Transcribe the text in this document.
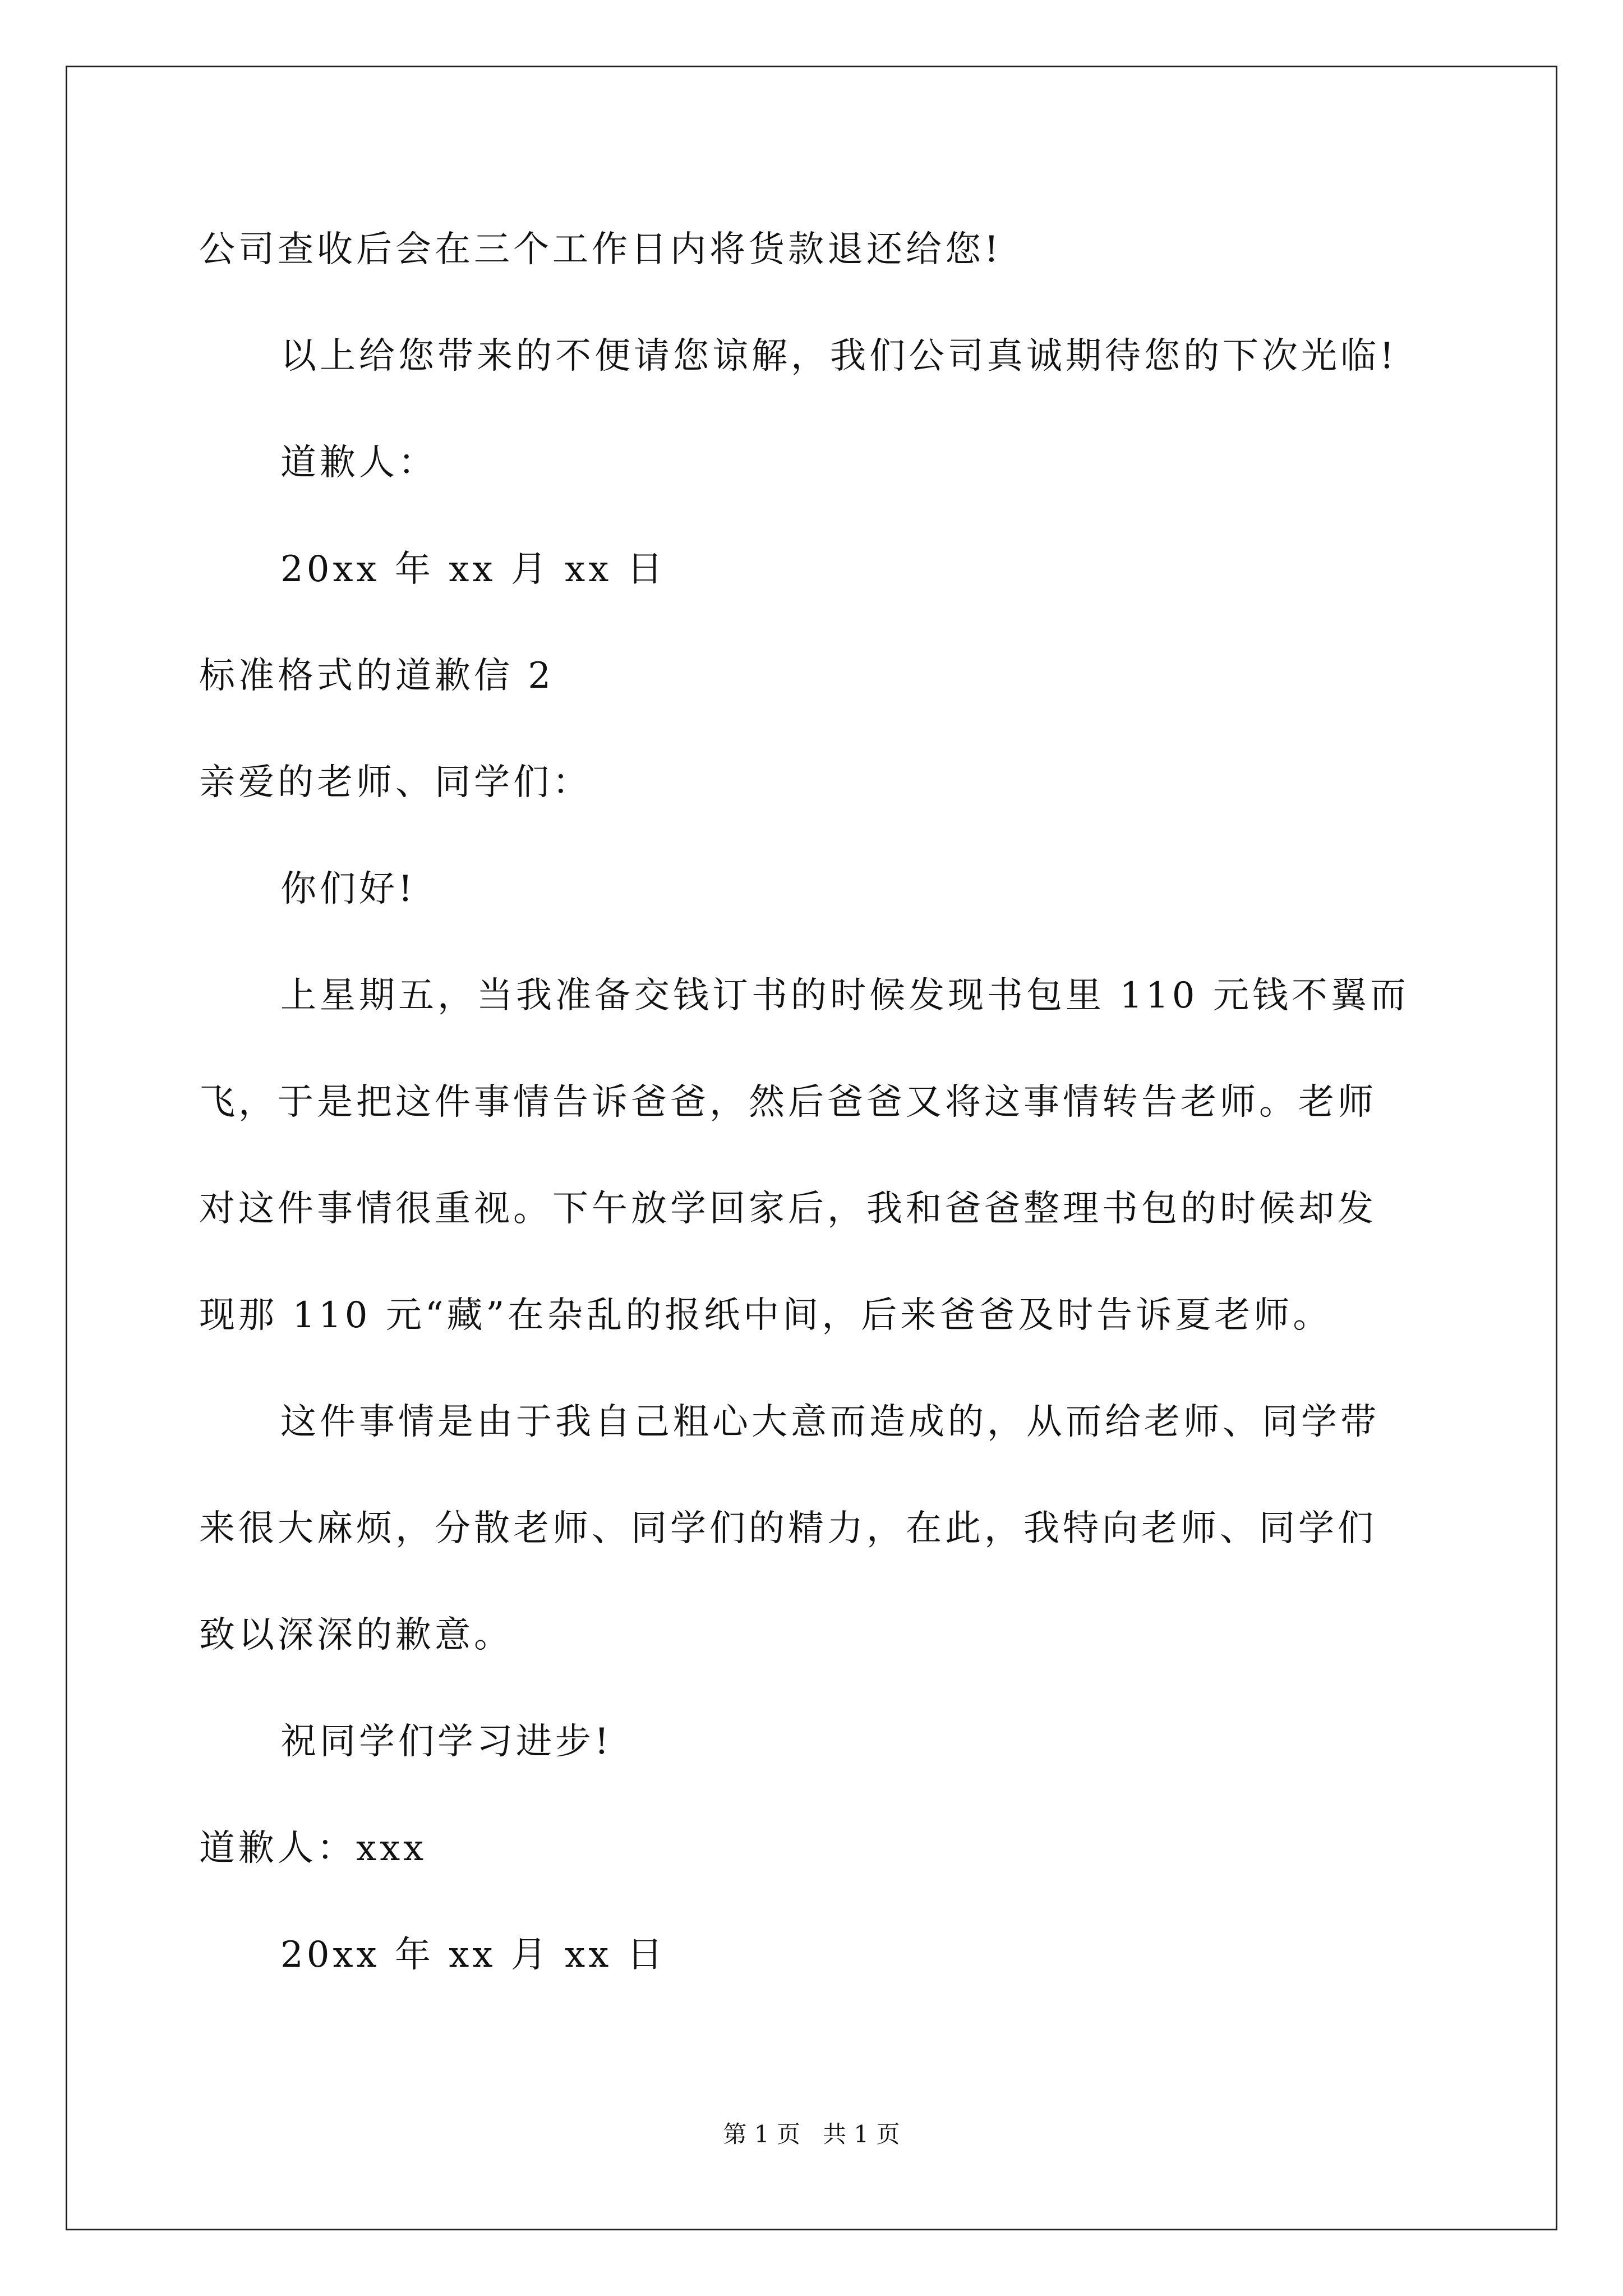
公司查收后会在三个工作日内将货款退还给您!
以上给您带来的不便请您谅解，我们公司真诚期待您的下次光临!
道歉人：
20xx 年 xx 月 xx 日
标准格式的道歉信 2
亲爱的老师、同学们：
你们好!
上星期五，当我准备交钱订书的时候发现书包里 110 元钱不翼而
飞，于是把这件事情告诉爸爸，然后爸爸又将这事情转告老师。老师
对这件事情很重视。下午放学回家后，我和爸爸整理书包的时候却发
现那 110 元“藏”在杂乱的报纸中间，后来爸爸及时告诉夏老师。
这件事情是由于我自己粗心大意而造成的，从而给老师、同学带
来很大麻烦，分散老师、同学们的精力，在此，我特向老师、同学们
致以深深的歉意。
祝同学们学习进步!
道歉人：xxx
20xx 年 xx 月 xx 日
第 1 页   共 1 页
